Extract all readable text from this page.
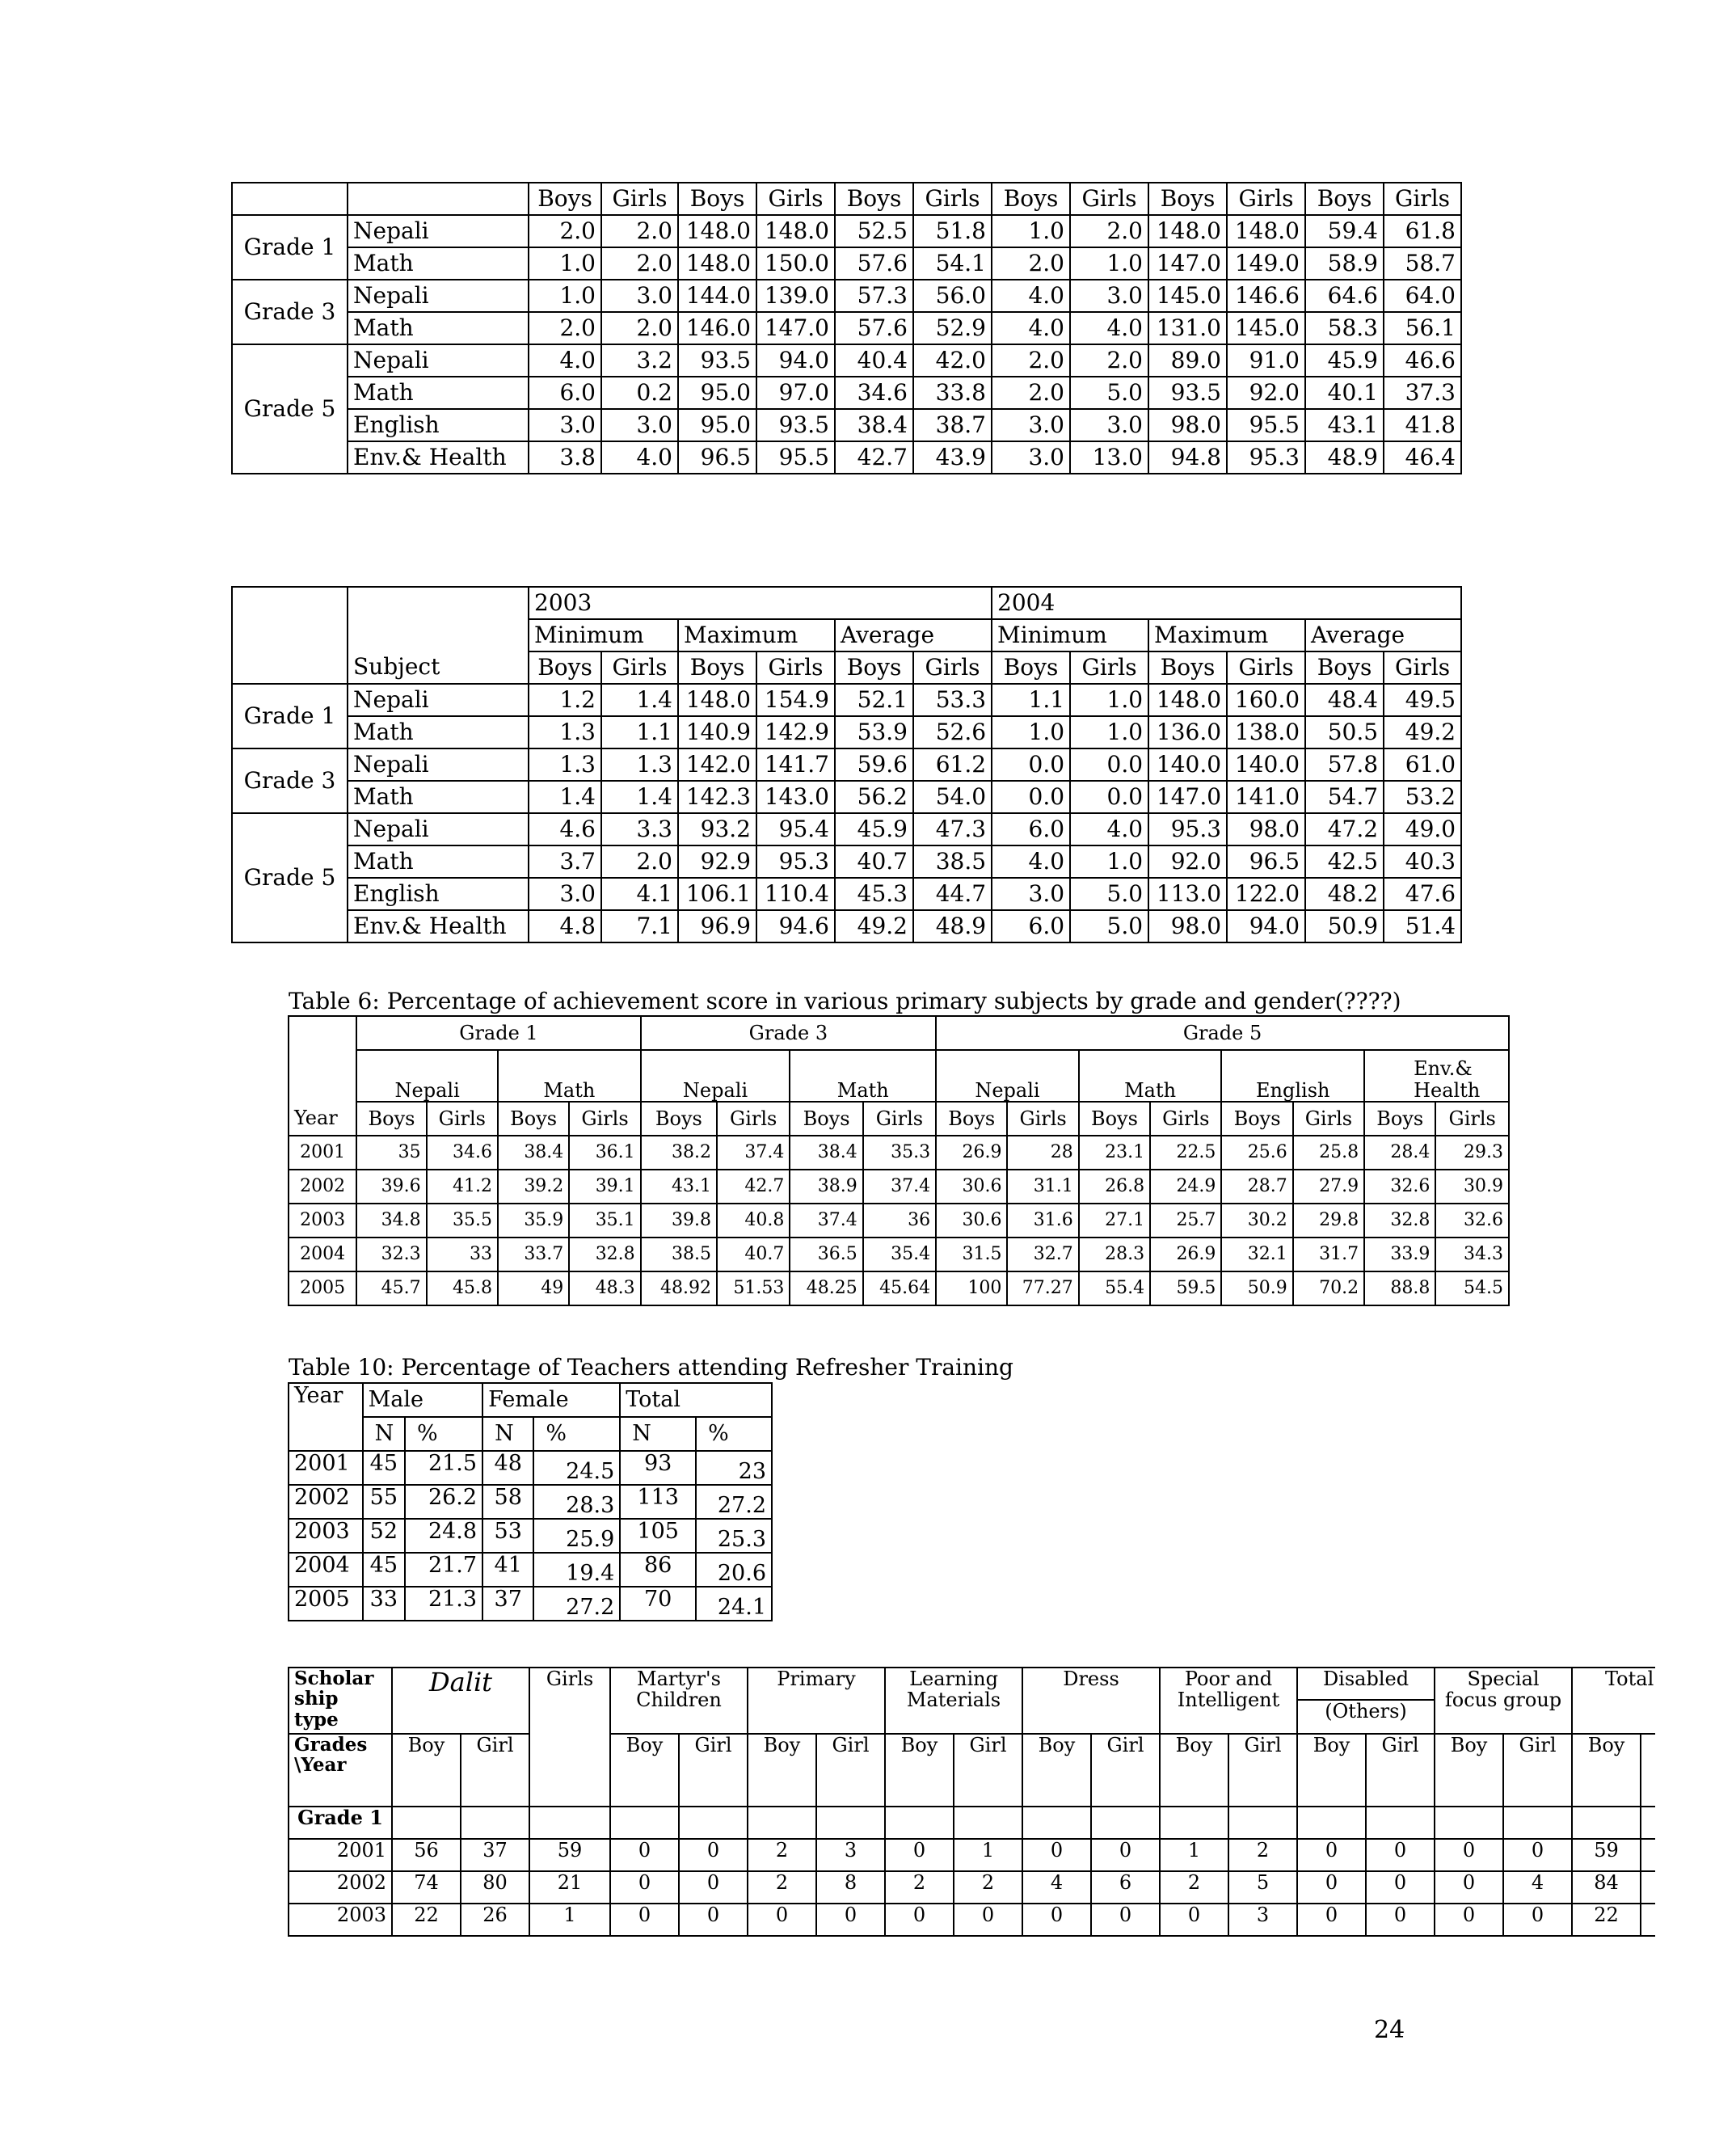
		Boys	Girls	Boys	Girls	Boys	Girls	Boys	Girls	Boys	Girls	Boys	Girls
Grade 1	Nepali	2.0	2.0	148.0	148.0	52.5	51.8	1.0	2.0	148.0	148.0	59.4	61.8
	Math	1.0	2.0	148.0	150.0	57.6	54.1	2.0	1.0	147.0	149.0	58.9	58.7
Grade 3	Nepali	1.0	3.0	144.0	139.0	57.3	56.0	4.0	3.0	145.0	146.6	64.6	64.0
	Math	2.0	2.0	146.0	147.0	57.6	52.9	4.0	4.0	131.0	145.0	58.3	56.1
Grade 5	Nepali	4.0	3.2	93.5	94.0	40.4	42.0	2.0	2.0	89.0	91.0	45.9	46.6
	Math	6.0	0.2	95.0	97.0	34.6	33.8	2.0	5.0	93.5	92.0	40.1	37.3
	English	3.0	3.0	95.0	93.5	38.4	38.7	3.0	3.0	98.0	95.5	43.1	41.8
	Env.& Health	3.8	4.0	96.5	95.5	42.7	43.9	3.0	13.0	94.8	95.3	48.9	46.4
		2003						2004					
		Minimum		Maximum		Average		Minimum		Maximum		Average	
	Subject	Boys	Girls	Boys	Girls	Boys	Girls	Boys	Girls	Boys	Girls	Boys	Girls
Grade 1	Nepali	1.2	1.4	148.0	154.9	52.1	53.3	1.1	1.0	148.0	160.0	48.4	49.5
	Math	1.3	1.1	140.9	142.9	53.9	52.6	1.0	1.0	136.0	138.0	50.5	49.2
Grade 3	Nepali	1.3	1.3	142.0	141.7	59.6	61.2	0.0	0.0	140.0	140.0	57.8	61.0
	Math	1.4	1.4	142.3	143.0	56.2	54.0	0.0	0.0	147.0	141.0	54.7	53.2
Grade 5	Nepali	4.6	3.3	93.2	95.4	45.9	47.3	6.0	4.0	95.3	98.0	47.2	49.0
	Math	3.7	2.0	92.9	95.3	40.7	38.5	4.0	1.0	92.0	96.5	42.5	40.3
	English	3.0	4.1	106.1	110.4	45.3	44.7	3.0	5.0	113.0	122.0	48.2	47.6
	Env.& Health	4.8	7.1	96.9	94.6	49.2	48.9	6.0	5.0	98.0	94.0	50.9	51.4
Table 6: Percentage of achievement score in various primary subjects by grade and gender(????)
	Grade 1				Grade 3				Grade 5							
	Nepali		Math		Nepali		Math		Nepali		Math		English		Env.& Health	
Year	Boys	Girls	Boys	Girls	Boys	Girls	Boys	Girls	Boys	Girls	Boys	Girls	Boys	Girls	Boys	Girls
2001	35	34.6	38.4	36.1	38.2	37.4	38.4	35.3	26.9	28	23.1	22.5	25.6	25.8	28.4	29.3
2002	39.6	41.2	39.2	39.1	43.1	42.7	38.9	37.4	30.6	31.1	26.8	24.9	28.7	27.9	32.6	30.9
2003	34.8	35.5	35.9	35.1	39.8	40.8	37.4	36	30.6	31.6	27.1	25.7	30.2	29.8	32.8	32.6
2004	32.3	33	33.7	32.8	38.5	40.7	36.5	35.4	31.5	32.7	28.3	26.9	32.1	31.7	33.9	34.3
2005	45.7	45.8	49	48.3	48.92	51.53	48.25	45.64	100	77.27	55.4	59.5	50.9	70.2	88.8	54.5
Table 10: Percentage of Teachers attending Refresher Training
Year	Male		Female		Total	
	N	%	N	%	N	%
2001	45	21.5	48	24.5	93	23
2002	55	26.2	58	28.3	113	27.2
2003	52	24.8	53	25.9	105	25.3
2004	45	21.7	41	19.4	86	20.6
2005	33	21.3	37	27.2	70	24.1
Scholar ship type	Dalit		Girls	Martyr's Children		Primary		Learning Materials		Dress		Poor and Intelligent		Disabled		Special focus group		Total	
														(Others)					
Grades \Year	Boy	Girl		Boy	Girl	Boy	Girl	Boy	Girl	Boy	Girl	Boy	Girl	Boy	Girl	Boy	Girl	Boy	
Grade 1																			
2001	56	37	59	0	0	2	3	0	1	0	0	1	2	0	0	0	0	59	
2002	74	80	21	0	0	2	8	2	2	4	6	2	5	0	0	0	4	84	
2003	22	26	1	0	0	0	0	0	0	0	0	0	3	0	0	0	0	22	
24
